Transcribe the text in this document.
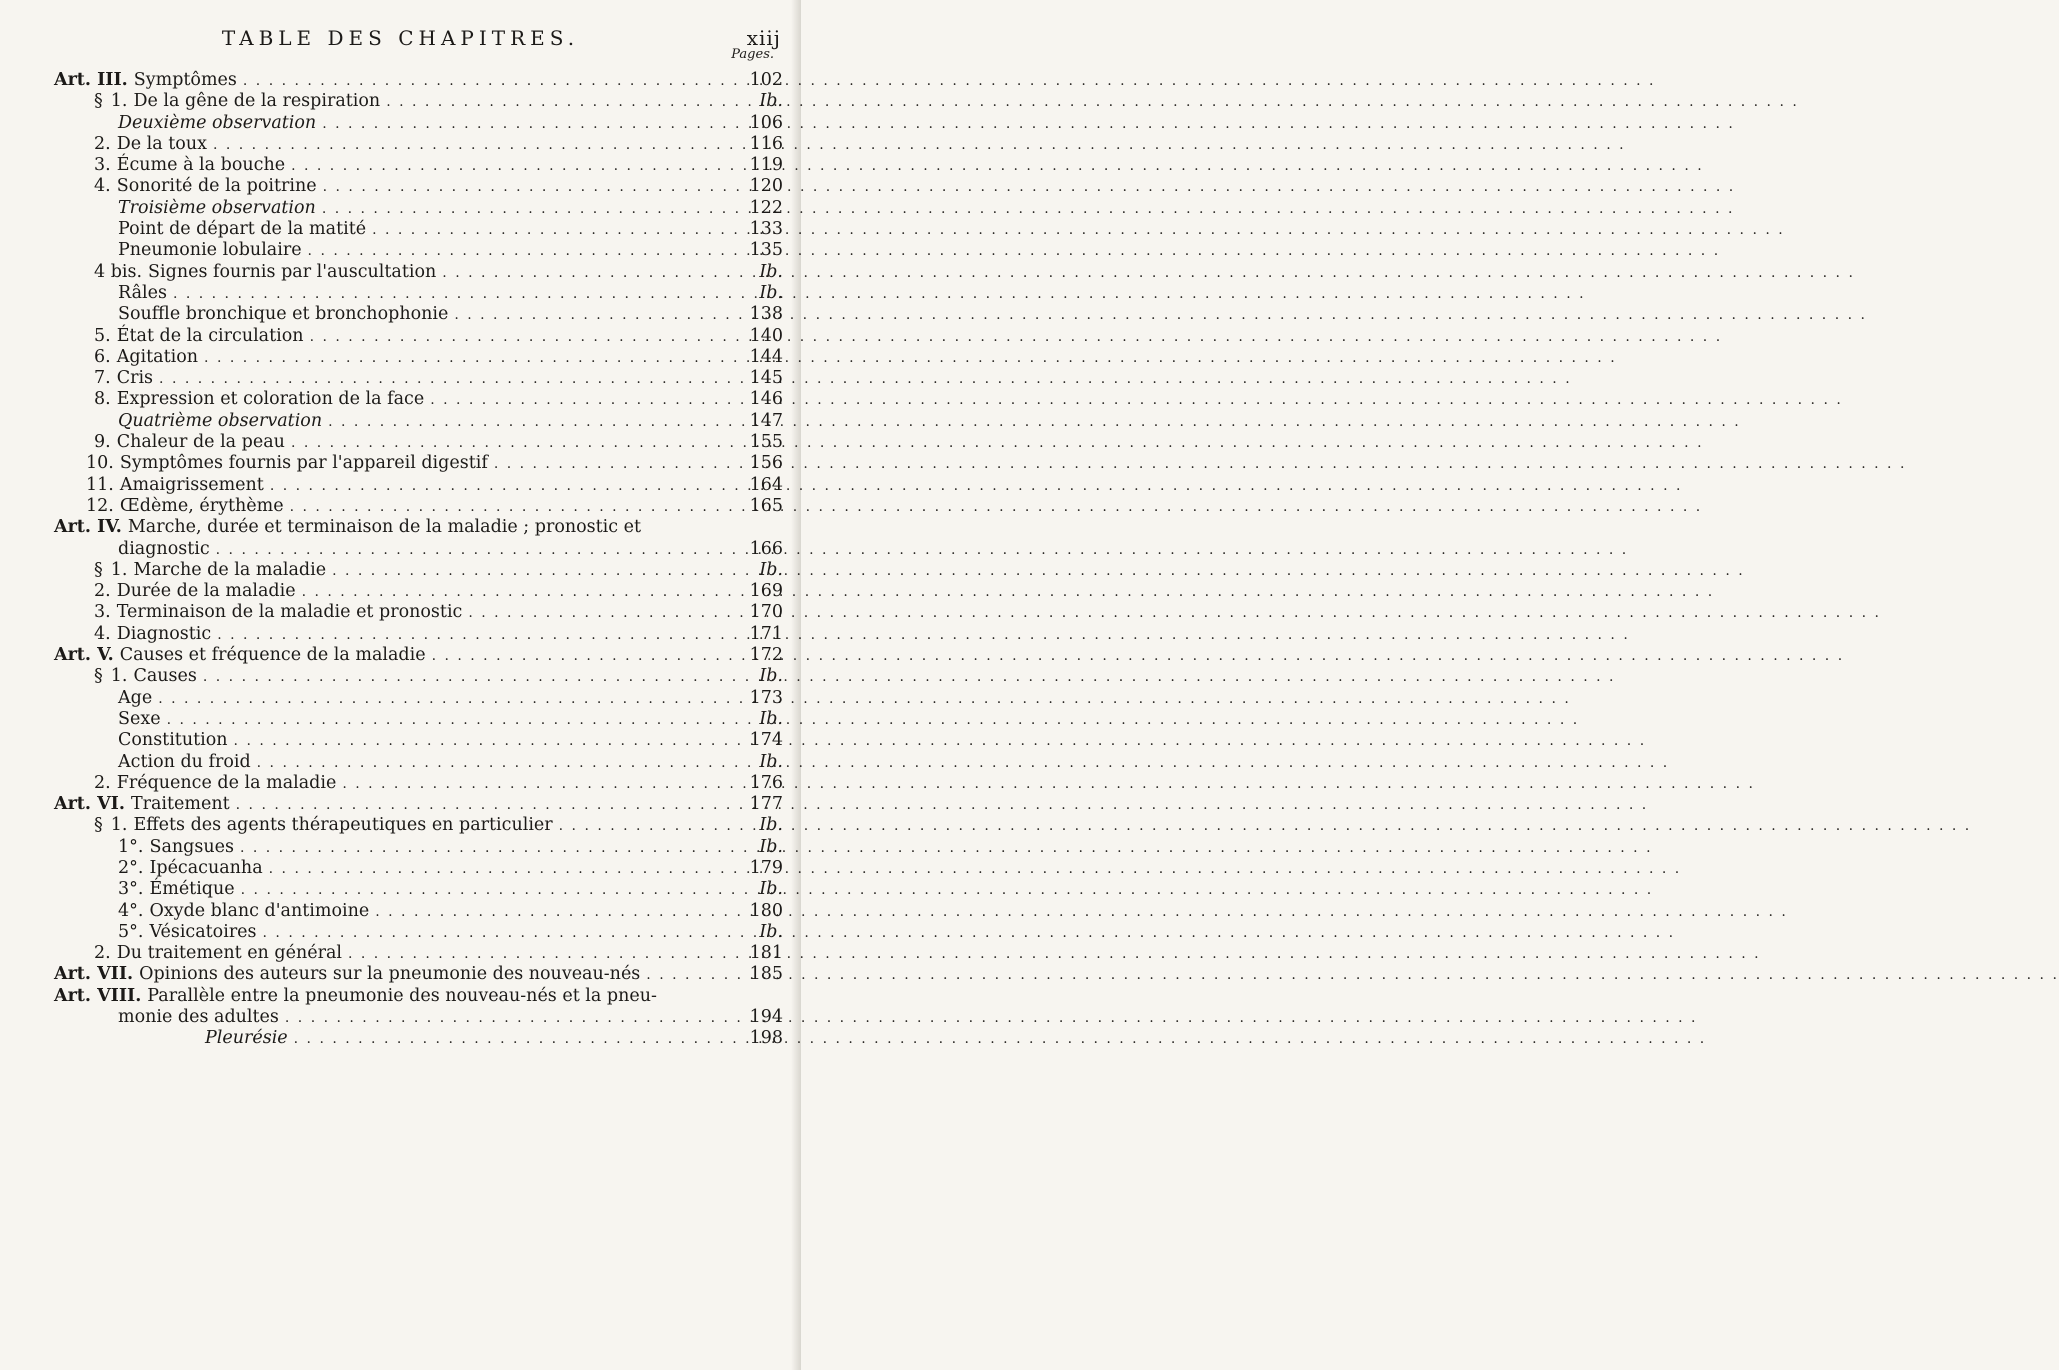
TABLE DES CHAPITRES.	xiij
Pages.
Art. III. Symptômes . . .	102
§ 1. De la gêne de la respiration . . .	Ib.
Deuxième observation . . .	106
2. De la toux . . .	116
3. Écume à la bouche . . .	119
4. Sonorité de la poitrine . . .	120
Troisième observation . . .	122
Point de départ de la matité . . .	133
Pneumonie lobulaire . . .	135
4 bis. Signes fournis par l'auscultation . . .	Ib.
Râles . . .	Ib.
Souffle bronchique et bronchophonie . . .	138
5. État de la circulation . . .	140
6. Agitation . . .	144
7. Cris . . .	145
8. Expression et coloration de la face . . .	146
Quatrième observation . . .	147
9. Chaleur de la peau . . .	155
10. Symptômes fournis par l'appareil digestif . . .	156
11. Amaigrissement . . .	164
12. Œdème, érythème . . .	165
Art. IV. Marche, durée et terminaison de la maladie ; pronostic et
diagnostic . . .	166
§ 1. Marche de la maladie . . .	Ib.
2. Durée de la maladie . . .	169
3. Terminaison de la maladie et pronostic . . .	170
4. Diagnostic . . .	171
Art. V. Causes et fréquence de la maladie . . .	172
§ 1. Causes . . .	Ib.
Age . . .	173
Sexe . . .	Ib.
Constitution . . .	174
Action du froid . . .	Ib.
2. Fréquence de la maladie . . .	176
Art. VI. Traitement . . .	177
§ 1. Effets des agents thérapeutiques en particulier . . .	Ib.
1°. Sangsues . . .	Ib.
2°. Ipécacuanha . . .	179
3°. Émétique . . .	Ib.
4°. Oxyde blanc d'antimoine . . .	180
5°. Vésicatoires . . .	Ib.
2. Du traitement en général . . .	181
Art. VII. Opinions des auteurs sur la pneumonie des nouveau-nés . . .	185
Art. VIII. Parallèle entre la pneumonie des nouveau-nés et la pneu-
monie des adultes . . .	194
Pleurésie . . .	198
